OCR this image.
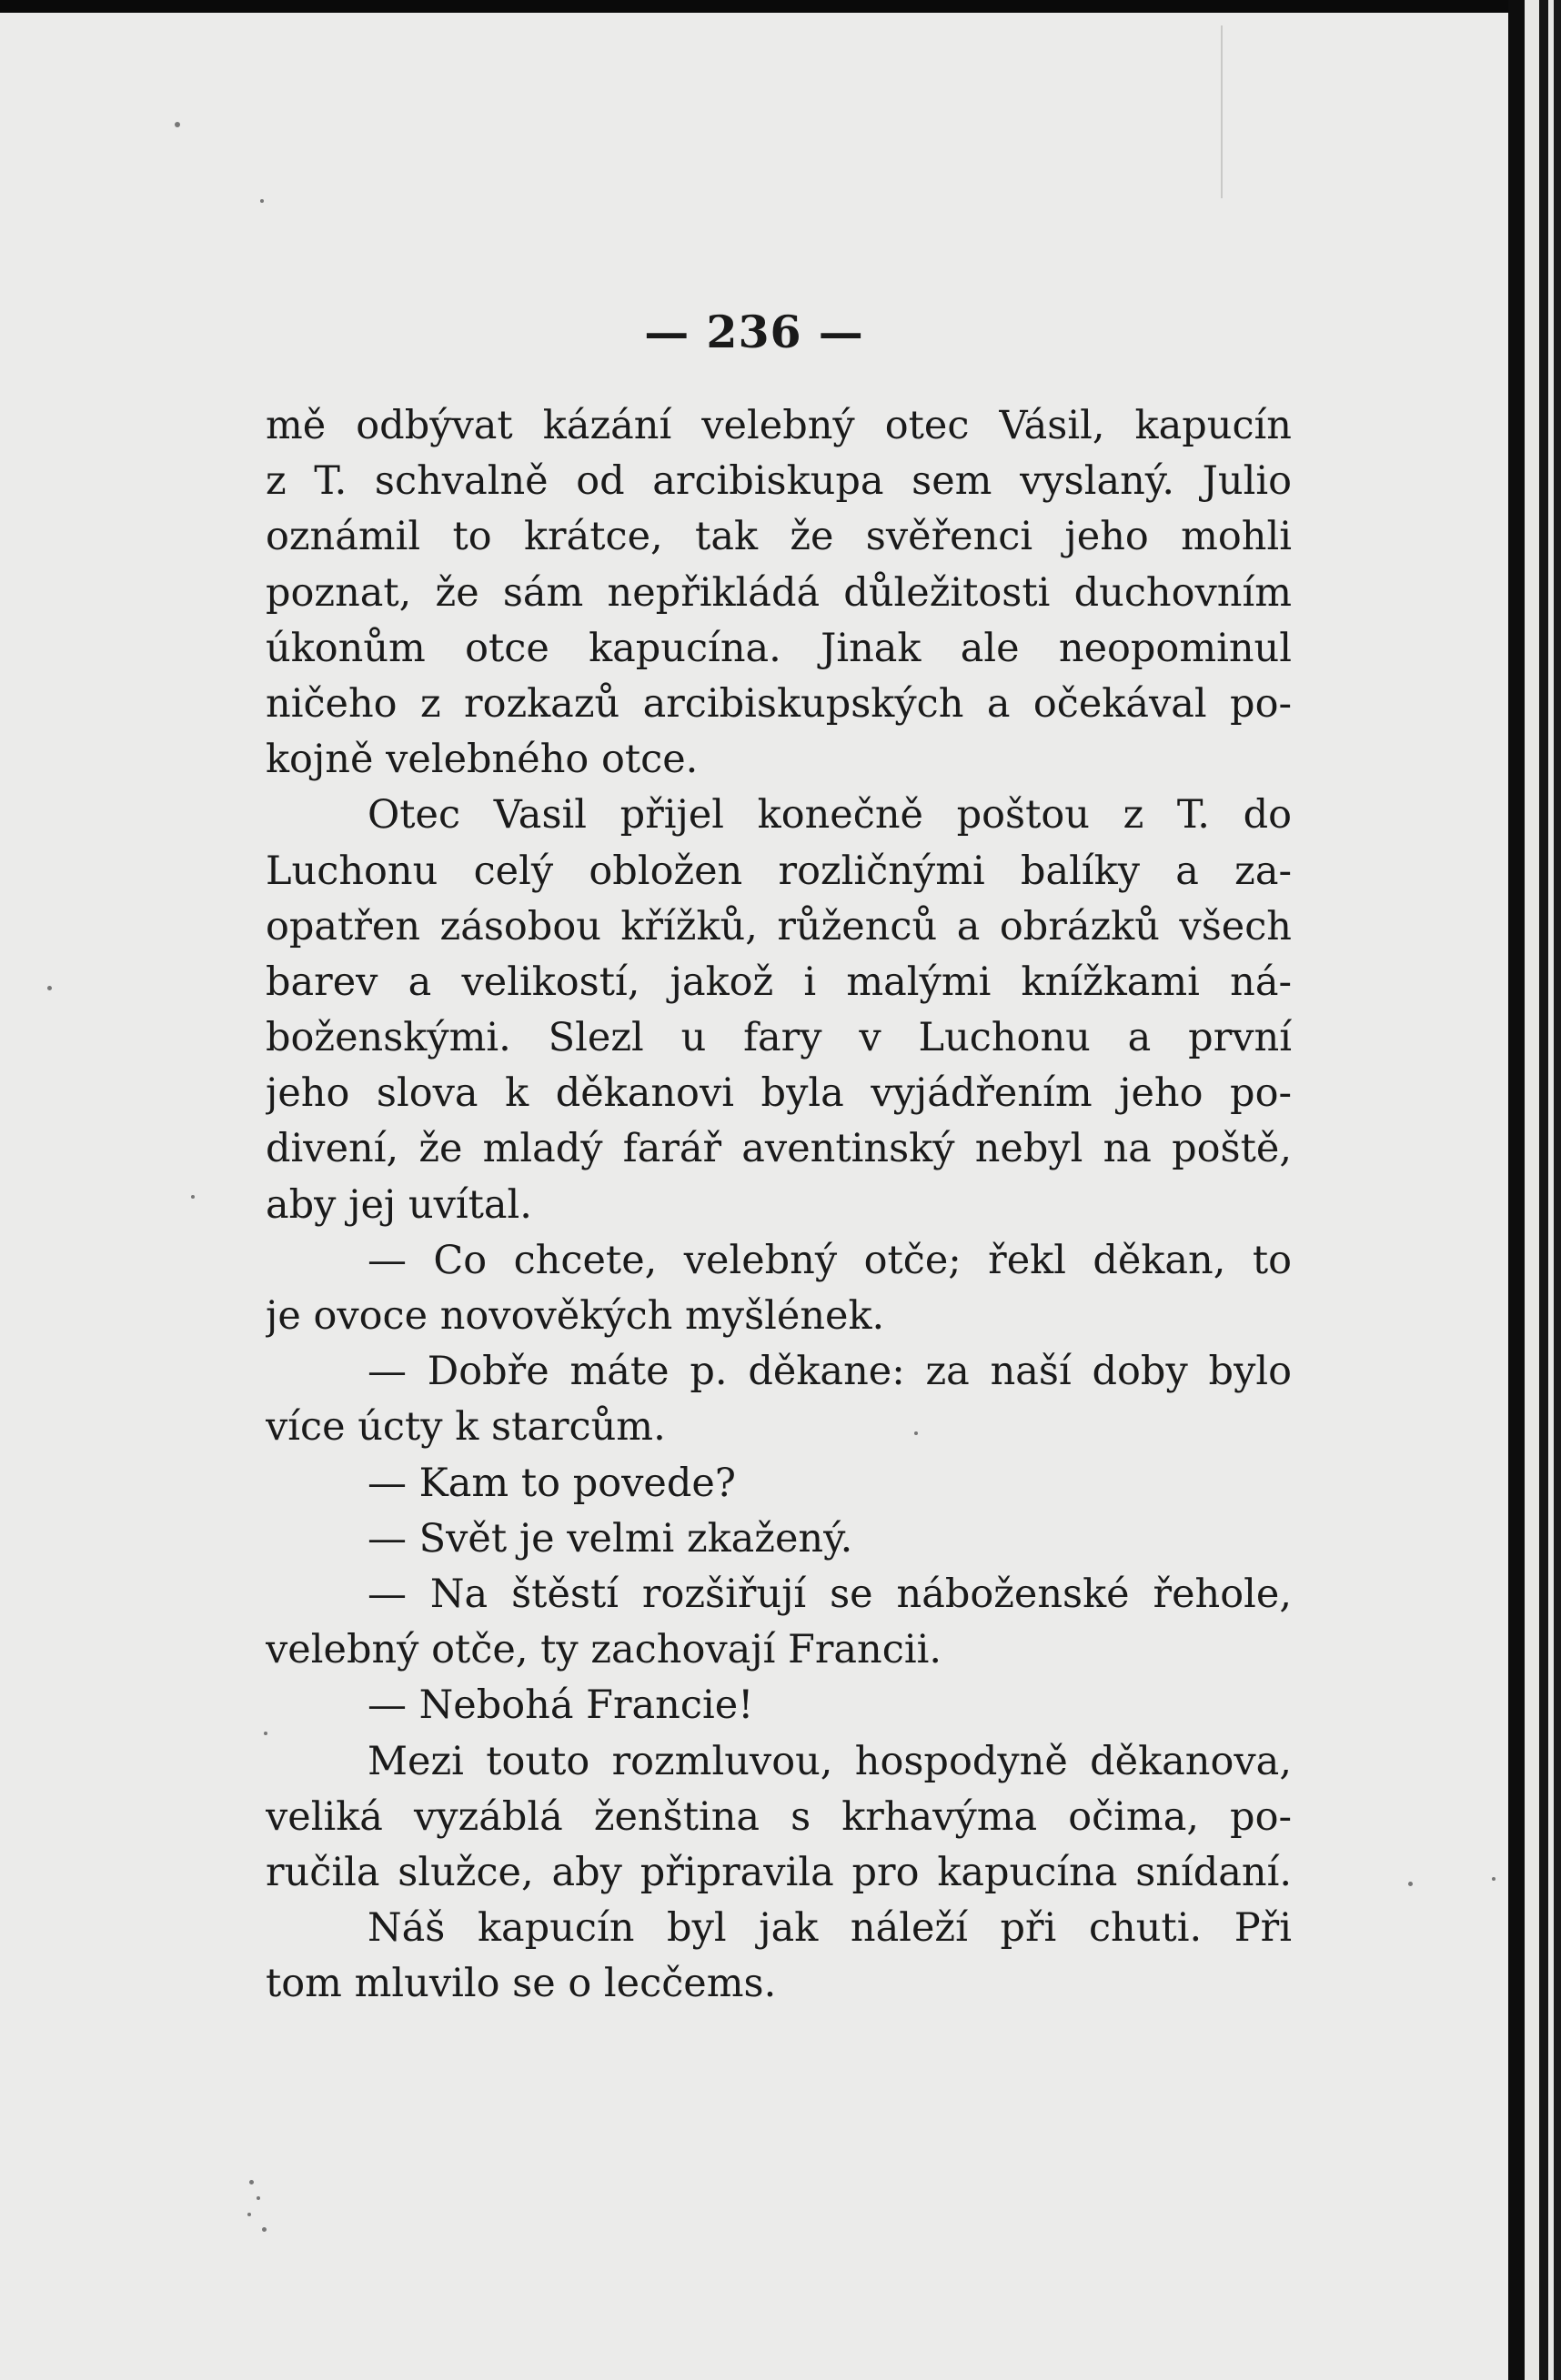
— 236 —
mě odbývat kázání velebný otec Vásil, kapucín
z T. schvalně od arcibiskupa sem vyslaný. Julio
oznámil to krátce, tak že svěřenci jeho mohli
poznat, že sám nepřikládá důležitosti duchovním
úkonům otce kapucína. Jinak ale neopominul
ničeho z rozkazů arcibiskupských a očekával po-
kojně velebného otce.
Otec Vasil přijel konečně poštou z T. do
Luchonu celý obložen rozličnými balíky a za-
opatřen zásobou křížků, růženců a obrázků všech
barev a velikostí, jakož i malými knížkami ná-
boženskými. Slezl u fary v Luchonu a první
jeho slova k děkanovi byla vyjádřením jeho po-
divení, že mladý farář aventinský nebyl na poště,
aby jej uvítal.
— Co chcete, velebný otče; řekl děkan, to
je ovoce novověkých myšlének.
— Dobře máte p. děkane: za naší doby bylo
více úcty k starcům.
— Kam to povede?
— Svět je velmi zkažený.
— Na štěstí rozšiřují se náboženské řehole,
velebný otče, ty zachovají Francii.
— Nebohá Francie!
Mezi touto rozmluvou, hospodyně děkanova,
veliká vyzáblá ženština s krhavýma očima, po-
ručila služce, aby připravila pro kapucína snídaní.
Náš kapucín byl jak náleží při chuti. Při
tom mluvilo se o lecčems.
